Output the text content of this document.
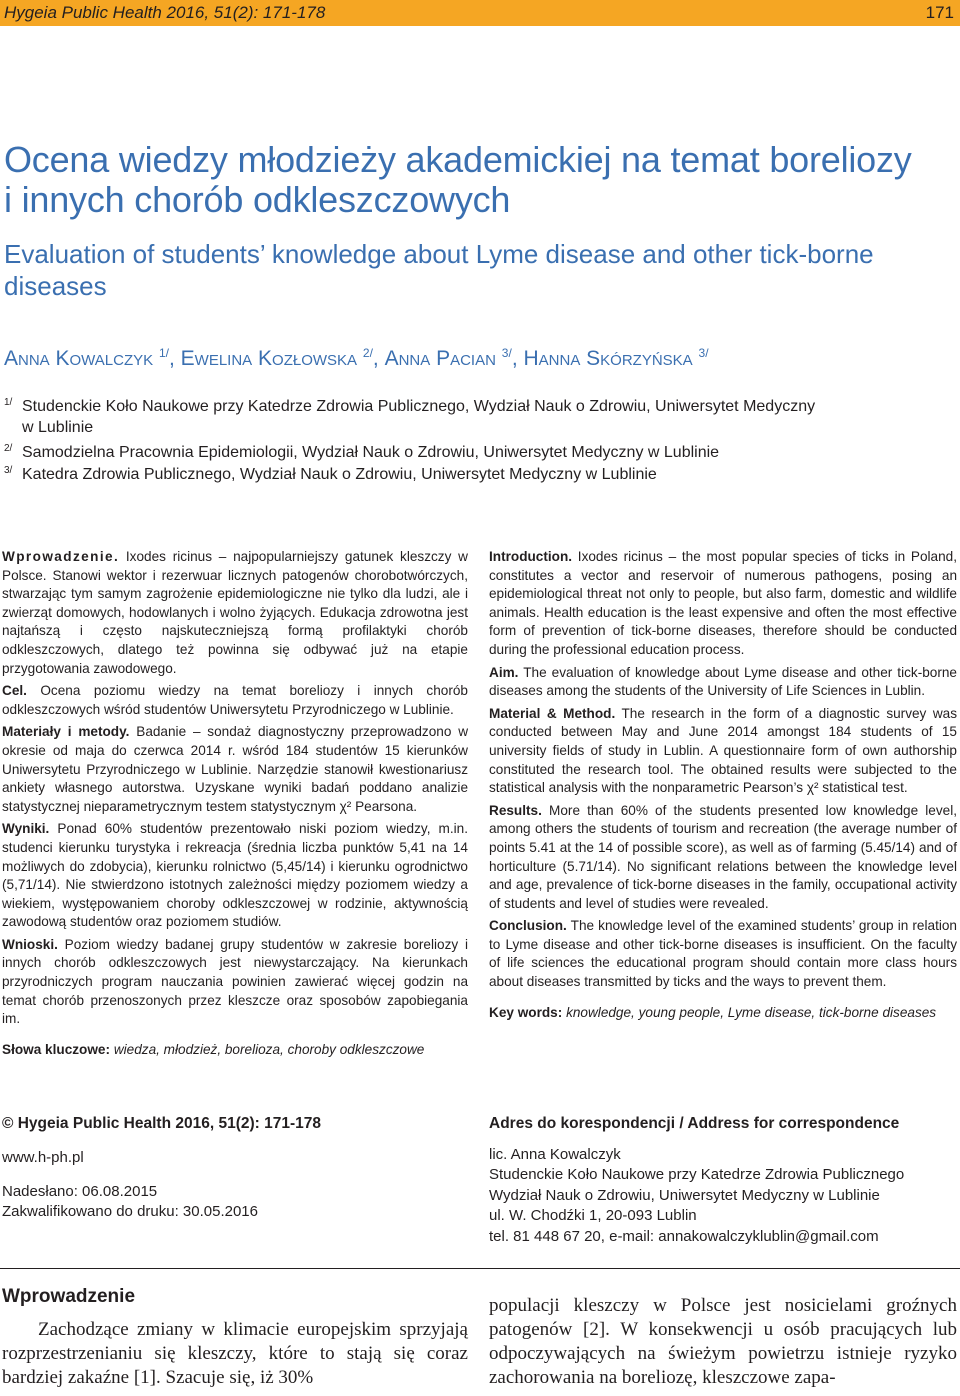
Hygeia Public Health 2016, 51(2): 171-178	171
Ocena wiedzy młodzieży akademickiej na temat boreliozy
i innych chorób odkleszczowych
Evaluation of students’ knowledge about Lyme disease and other tick-borne
diseases
Anna Kowalczyk $^{1/}$, Ewelina Kozłowska $^{2/}$, Anna Pacian $^{3/}$, Hanna Skórzyńska $^{3/}$
1/ Studenckie Koło Naukowe przy Katedrze Zdrowia Publicznego, Wydział Nauk o Zdrowiu, Uniwersytet Medyczny
w Lublinie
2/ Samodzielna Pracownia Epidemiologii, Wydział Nauk o Zdrowiu, Uniwersytet Medyczny w Lublinie
3/ Katedra Zdrowia Publicznego, Wydział Nauk o Zdrowiu, Uniwersytet Medyczny w Lublinie

Wprowadzenie. Ixodes ricinus – najpopularniejszy gatunek kleszczy w Polsce. Stanowi wektor i rezerwuar licznych patogenów chorobotwórczych, stwarzając tym samym zagrożenie epidemiologiczne nie tylko dla ludzi, ale i zwierząt domowych, hodowlanych i wolno żyjących. Edukacja zdrowotna jest najtańszą i często najskuteczniejszą formą profilaktyki chorób odkleszczowych, dlatego też powinna się odbywać już na etapie przygotowania zawodowego.

Cel. Ocena poziomu wiedzy na temat boreliozy i innych chorób odkleszczowych wśród studentów Uniwersytetu Przyrodniczego w Lublinie.

Materiały i metody. Badanie – sondaż diagnostyczny przeprowadzono w okresie od maja do czerwca 2014 r. wśród 184 studentów 15 kierunków Uniwersytetu Przyrodniczego w Lublinie. Narzędzie stanowił kwestionariusz ankiety własnego autorstwa. Uzyskane wyniki badań poddano analizie statystycznej nieparametrycznym testem statystycznym χ² Pearsona.

Wyniki. Ponad 60% studentów prezentowało niski poziom wiedzy, m.in. studenci kierunku turystyka i rekreacja (średnia liczba punktów 5,41 na 14 możliwych do zdobycia), kierunku rolnictwo (5,45/14) i kierunku ogrodnictwo (5,71/14). Nie stwierdzono istotnych zależności między poziomem wiedzy a wiekiem, występowaniem choroby odkleszczowej w rodzinie, aktywnością zawodową studentów oraz poziomem studiów.

Wnioski. Poziom wiedzy badanej grupy studentów w zakresie boreliozy i innych chorób odkleszczowych jest niewystarczający. Na kierunkach przyrodniczych program nauczania powinien zawierać więcej godzin na temat chorób przenoszonych przez kleszcze oraz sposobów zapobiegania im.

Słowa kluczowe: wiedza, młodzież, borelioza, choroby odkleszczowe

Introduction. Ixodes ricinus – the most popular species of ticks in Poland, constitutes a vector and reservoir of numerous pathogens, posing an epidemiological threat not only to people, but also farm, domestic and wildlife animals. Health education is the least expensive and often the most effective form of prevention of tick-borne diseases, therefore should be conducted during the professional education process.

Aim. The evaluation of knowledge about Lyme disease and other tick-borne diseases among the students of the University of Life Sciences in Lublin.

Material & Method. The research in the form of a diagnostic survey was conducted between May and June 2014 amongst 184 students of 15 university fields of study in Lublin. A questionnaire form of own authorship constituted the research tool. The obtained results were subjected to the statistical analysis with the nonparametric Pearson’s χ² statistical test.

Results. More than 60% of the students presented low knowledge level, among others the students of tourism and recreation (the average number of points 5.41 at the 14 of possible score), as well as of farming (5.45/14) and of horticulture (5.71/14). No significant relations between the knowledge level and age, prevalence of tick-borne diseases in the family, occupational activity of students and level of studies were revealed.

Conclusion. The knowledge level of the examined students’ group in relation to Lyme disease and other tick-borne diseases is insufficient. On the faculty of life sciences the educational program should contain more class hours about diseases transmitted by ticks and the ways to prevent them.

Key words: knowledge, young people, Lyme disease, tick-borne diseases

© Hygeia Public Health 2016, 51(2): 171-178
www.h-ph.pl
Nadesłano: 06.08.2015
Zakwalifikowano do druku: 30.05.2016
Adres do korespondencji / Address for correspondence
lic. Anna Kowalczyk
Studenckie Koło Naukowe przy Katedrze Zdrowia Publicznego
Wydział Nauk o Zdrowiu, Uniwersytet Medyczny w Lublinie
ul. W. Chodźki 1, 20-093 Lublin
tel. 81 448 67 20, e-mail: annakowalczyklublin@gmail.com
Wprowadzenie
Zachodzące zmiany w klimacie europejskim sprzyjają rozprzestrzenianiu się kleszczy, które to stają się coraz bardziej zakaźne [1]. Szacuje się, iż 30%
populacji kleszczy w Polsce jest nosicielami groźnych patogenów [2]. W konsekwencji u osób pracujących lub odpoczywających na świeżym powietrzu istnieje ryzyko zachorowania na boreliozę, kleszczowe zapa-
